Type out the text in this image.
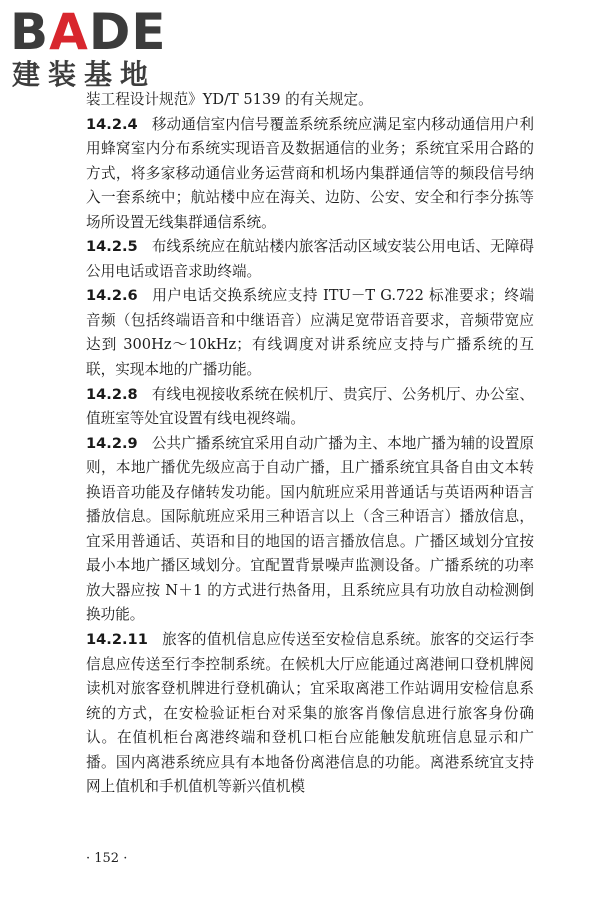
BADE
建装基地

装工程设计规范》YD/T 5139 的有关规定。

14.2.4 移动通信室内信号覆盖系统系统应满足室内移动通信用户利用蜂窝室内分布系统实现语音及数据通信的业务；系统宜采用合路的方式，将多家移动通信业务运营商和机场内集群通信等的频段信号纳入一套系统中；航站楼中应在海关、边防、公安、安全和行李分拣等场所设置无线集群通信系统。

14.2.5 布线系统应在航站楼内旅客活动区域安装公用电话、无障碍公用电话或语音求助终端。

14.2.6 用户电话交换系统应支持 ITU－T G.722 标准要求；终端音频（包括终端语音和中继语音）应满足宽带语音要求，音频带宽应达到 300Hz～10kHz；有线调度对讲系统应支持与广播系统的互联，实现本地的广播功能。

14.2.8 有线电视接收系统在候机厅、贵宾厅、公务机厅、办公室、值班室等处宜设置有线电视终端。

14.2.9 公共广播系统宜采用自动广播为主、本地广播为辅的设置原则，本地广播优先级应高于自动广播，且广播系统宜具备自由文本转换语音功能及存储转发功能。国内航班应采用普通话与英语两种语言播放信息。国际航班应采用三种语言以上（含三种语言）播放信息，宜采用普通话、英语和目的地国的语言播放信息。广播区域划分宜按最小本地广播区域划分。宜配置背景噪声监测设备。广播系统的功率放大器应按 N＋1 的方式进行热备用，且系统应具有功放自动检测倒换功能。

14.2.11 旅客的值机信息应传送至安检信息系统。旅客的交运行李信息应传送至行李控制系统。在候机大厅应能通过离港闸口登机牌阅读机对旅客登机牌进行登机确认；宜采取离港工作站调用安检信息系统的方式，在安检验证柜台对采集的旅客肖像信息进行旅客身份确认。在值机柜台离港终端和登机口柜台应能触发航班信息显示和广播。国内离港系统应具有本地备份离港信息的功能。离港系统宜支持网上值机和手机值机等新兴值机模

· 152 ·
